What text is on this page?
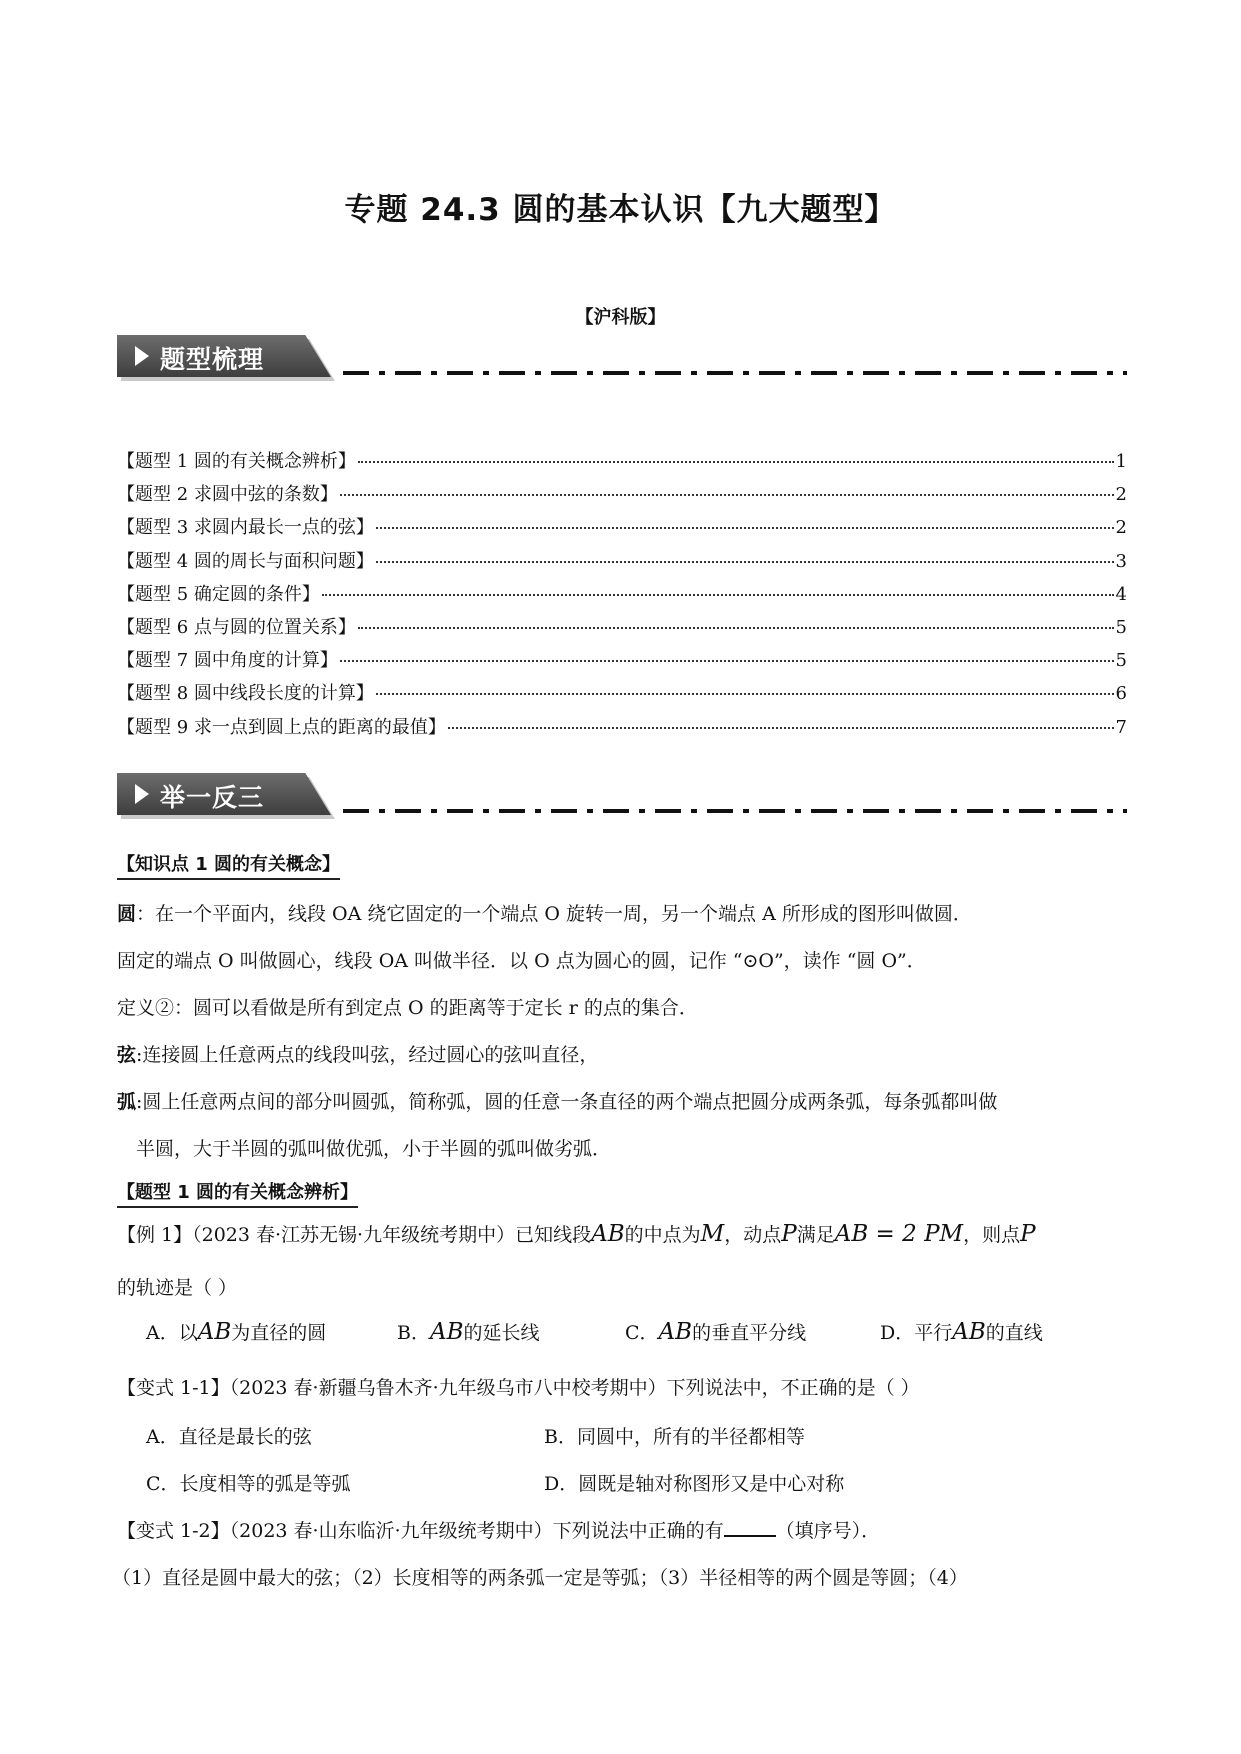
专题 24.3 圆的基本认识【九大题型】
【沪科版】
题型梳理
【题型 1 圆的有关概念辨析】	1
【题型 2 求圆中弦的条数】	2
【题型 3 求圆内最长一点的弦】	2
【题型 4 圆的周长与面积问题】	3
【题型 5 确定圆的条件】	4
【题型 6 点与圆的位置关系】	5
【题型 7 圆中角度的计算】	5
【题型 8 圆中线段长度的计算】	6
【题型 9 求一点到圆上点的距离的最值】	7
举一反三
【知识点 1 圆的有关概念】
圆：在一个平面内，线段 OA 绕它固定的一个端点 O 旋转一周，另一个端点 A 所形成的图形叫做圆．
固定的端点 O 叫做圆心，线段 OA 叫做半径．以 O 点为圆心的圆，记作 “⊙O”，读作 “圆 O”．
定义②：圆可以看做是所有到定点 O 的距离等于定长 r 的点的集合．
弦:连接圆上任意两点的线段叫弦，经过圆心的弦叫直径，
弧:圆上任意两点间的部分叫圆弧，简称弧，圆的任意一条直径的两个端点把圆分成两条弧，每条弧都叫做
半圆，大于半圆的弧叫做优弧，小于半圆的弧叫做劣弧．
【题型 1 圆的有关概念辨析】
【例 1】（2023 春·江苏无锡·九年级统考期中）已知线段AB的中点为M，动点P满足AB = 2 PM，则点P
的轨迹是（ ）
A．以AB为直径的圆	B．AB的延长线	C．AB的垂直平分线	D．平行AB的直线
【变式 1-1】（2023 春·新疆乌鲁木齐·九年级乌市八中校考期中）下列说法中，不正确的是（ ）
A．直径是最长的弦	B．同圆中，所有的半径都相等
C．长度相等的弧是等弧	D．圆既是轴对称图形又是中心对称
【变式 1-2】（2023 春·山东临沂·九年级统考期中）下列说法中正确的有	（填序号）．
（1）直径是圆中最大的弦；（2）长度相等的两条弧一定是等弧；（3）半径相等的两个圆是等圆；（4）
